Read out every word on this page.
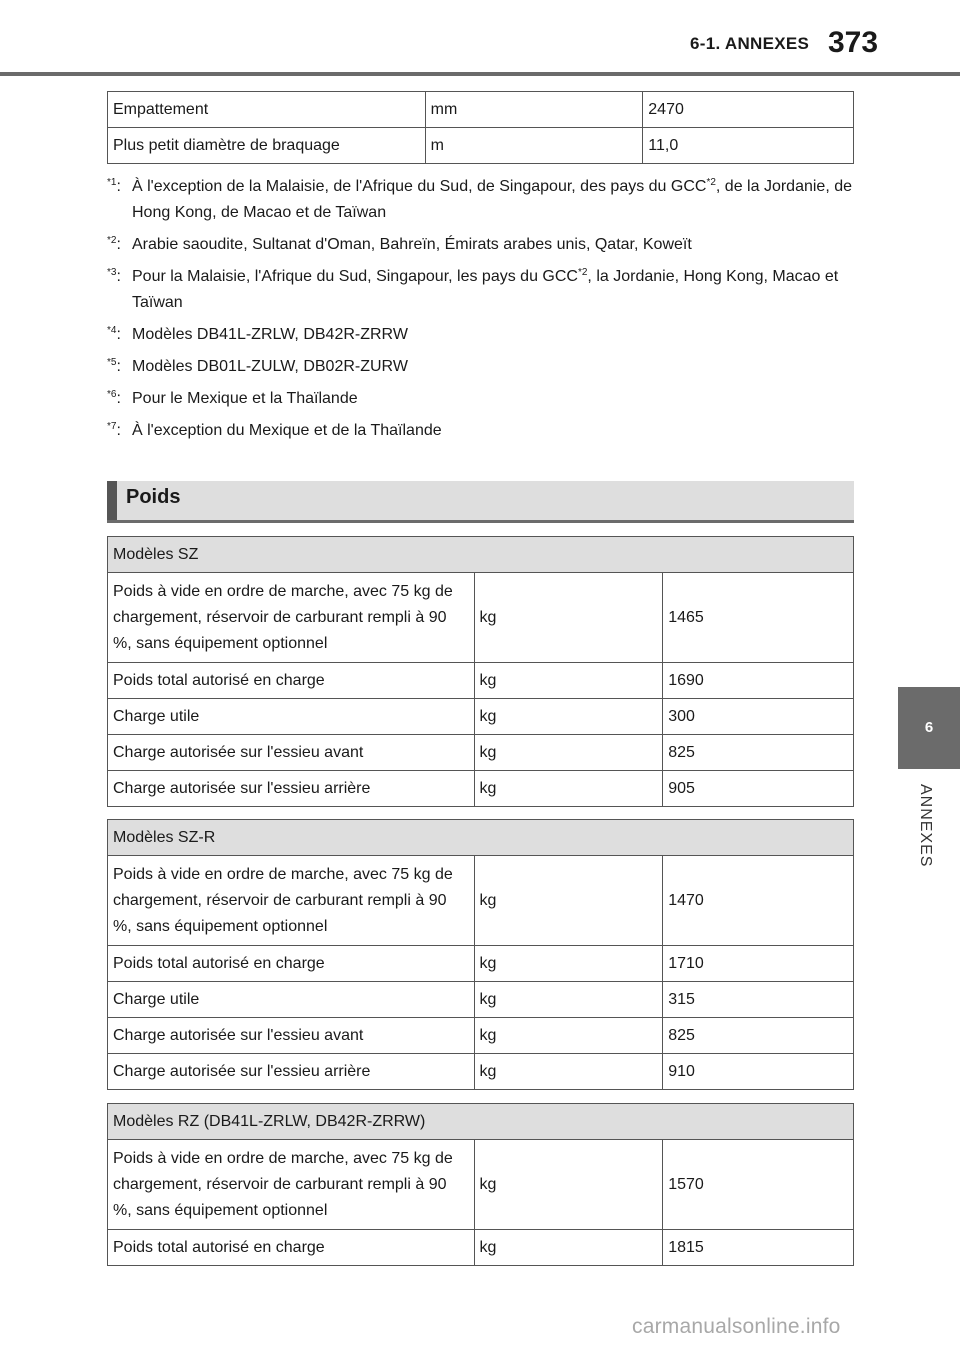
6-1. ANNEXES 373
6
ANNEXES
Empattement	mm	2470
Plus petit diamètre de braquage	m	11,0
$^{*1}$: À l'exception de la Malaisie, de l'Afrique du Sud, de Singapour, des pays du GCC$^{*2}$, de la Jordanie, de Hong Kong, de Macao et de Taïwan
$^{*2}$: Arabie saoudite, Sultanat d'Oman, Bahreïn, Émirats arabes unis, Qatar, Koweït
$^{*3}$: Pour la Malaisie, l'Afrique du Sud, Singapour, les pays du GCC$^{*2}$, la Jordanie, Hong Kong, Macao et Taïwan
$^{*4}$: Modèles DB41L-ZRLW, DB42R-ZRRW
$^{*5}$: Modèles DB01L-ZULW, DB02R-ZURW
$^{*6}$: Pour le Mexique et la Thaïlande
$^{*7}$: À l'exception du Mexique et de la Thaïlande
Poids
Modèles SZ		
Poids à vide en ordre de marche, avec 75 kg de chargement, réservoir de carburant rempli à 90 %, sans équipement optionnel	kg	1465
Poids total autorisé en charge	kg	1690
Charge utile	kg	300
Charge autorisée sur l'essieu avant	kg	825
Charge autorisée sur l'essieu arrière	kg	905
Modèles SZ-R		
Poids à vide en ordre de marche, avec 75 kg de chargement, réservoir de carburant rempli à 90 %, sans équipement optionnel	kg	1470
Poids total autorisé en charge	kg	1710
Charge utile	kg	315
Charge autorisée sur l'essieu avant	kg	825
Charge autorisée sur l'essieu arrière	kg	910
Modèles RZ (DB41L-ZRLW, DB42R-ZRRW)		
Poids à vide en ordre de marche, avec 75 kg de chargement, réservoir de carburant rempli à 90 %, sans équipement optionnel	kg	1570
Poids total autorisé en charge	kg	1815
carmanualsonline.info
